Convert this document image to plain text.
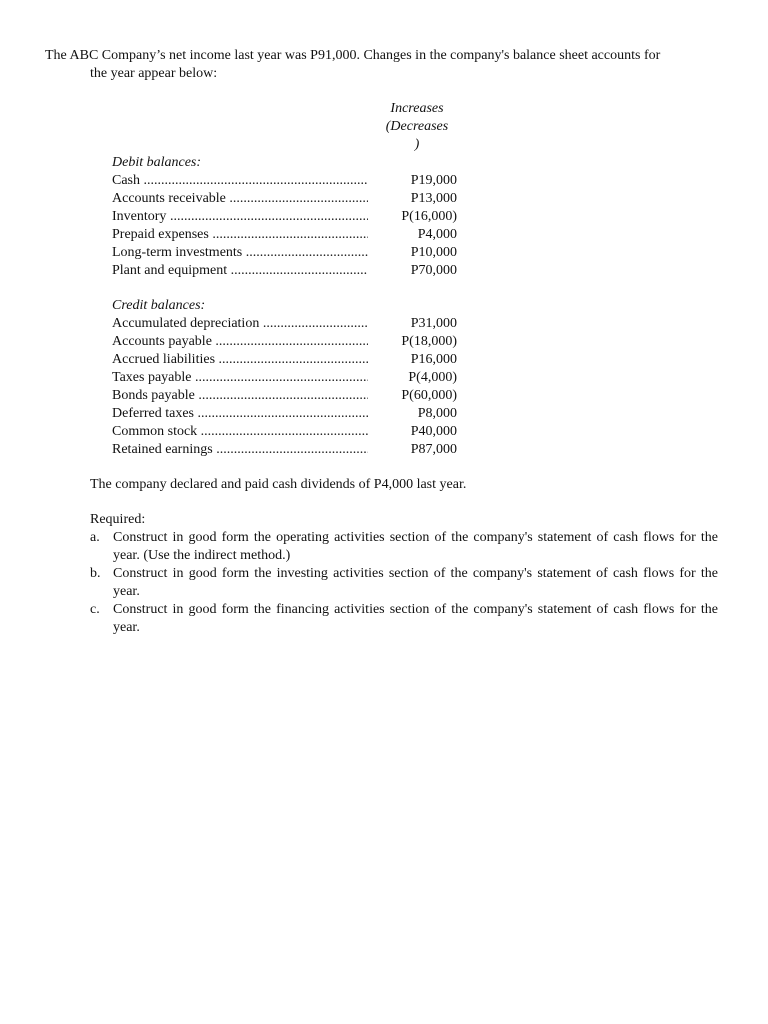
The ABC Company’s net income last year was P91,000. Changes in the company's balance sheet accounts for
the year appear below:
Increases
(Decreases
)
Debit balances:
Cash .....	P19,000
Accounts receivable .....	P13,000
Inventory .....	P(16,000)
Prepaid expenses .....	P4,000
Long-term investments .....	P10,000
Plant and equipment .....	P70,000
Credit balances:
Accumulated depreciation .....	P31,000
Accounts payable .....	P(18,000)
Accrued liabilities .....	P16,000
Taxes payable .....	P(4,000)
Bonds payable .....	P(60,000)
Deferred taxes .....	P8,000
Common stock .....	P40,000
Retained earnings .....	P87,000
The company declared and paid cash dividends of P4,000 last year.
Required:
a. Construct in good form the operating activities section of the company's statement of cash flows for the year. (Use the indirect method.)
b. Construct in good form the investing activities section of the company's statement of cash flows for the year.
c. Construct in good form the financing activities section of the company's statement of cash flows for the year.
